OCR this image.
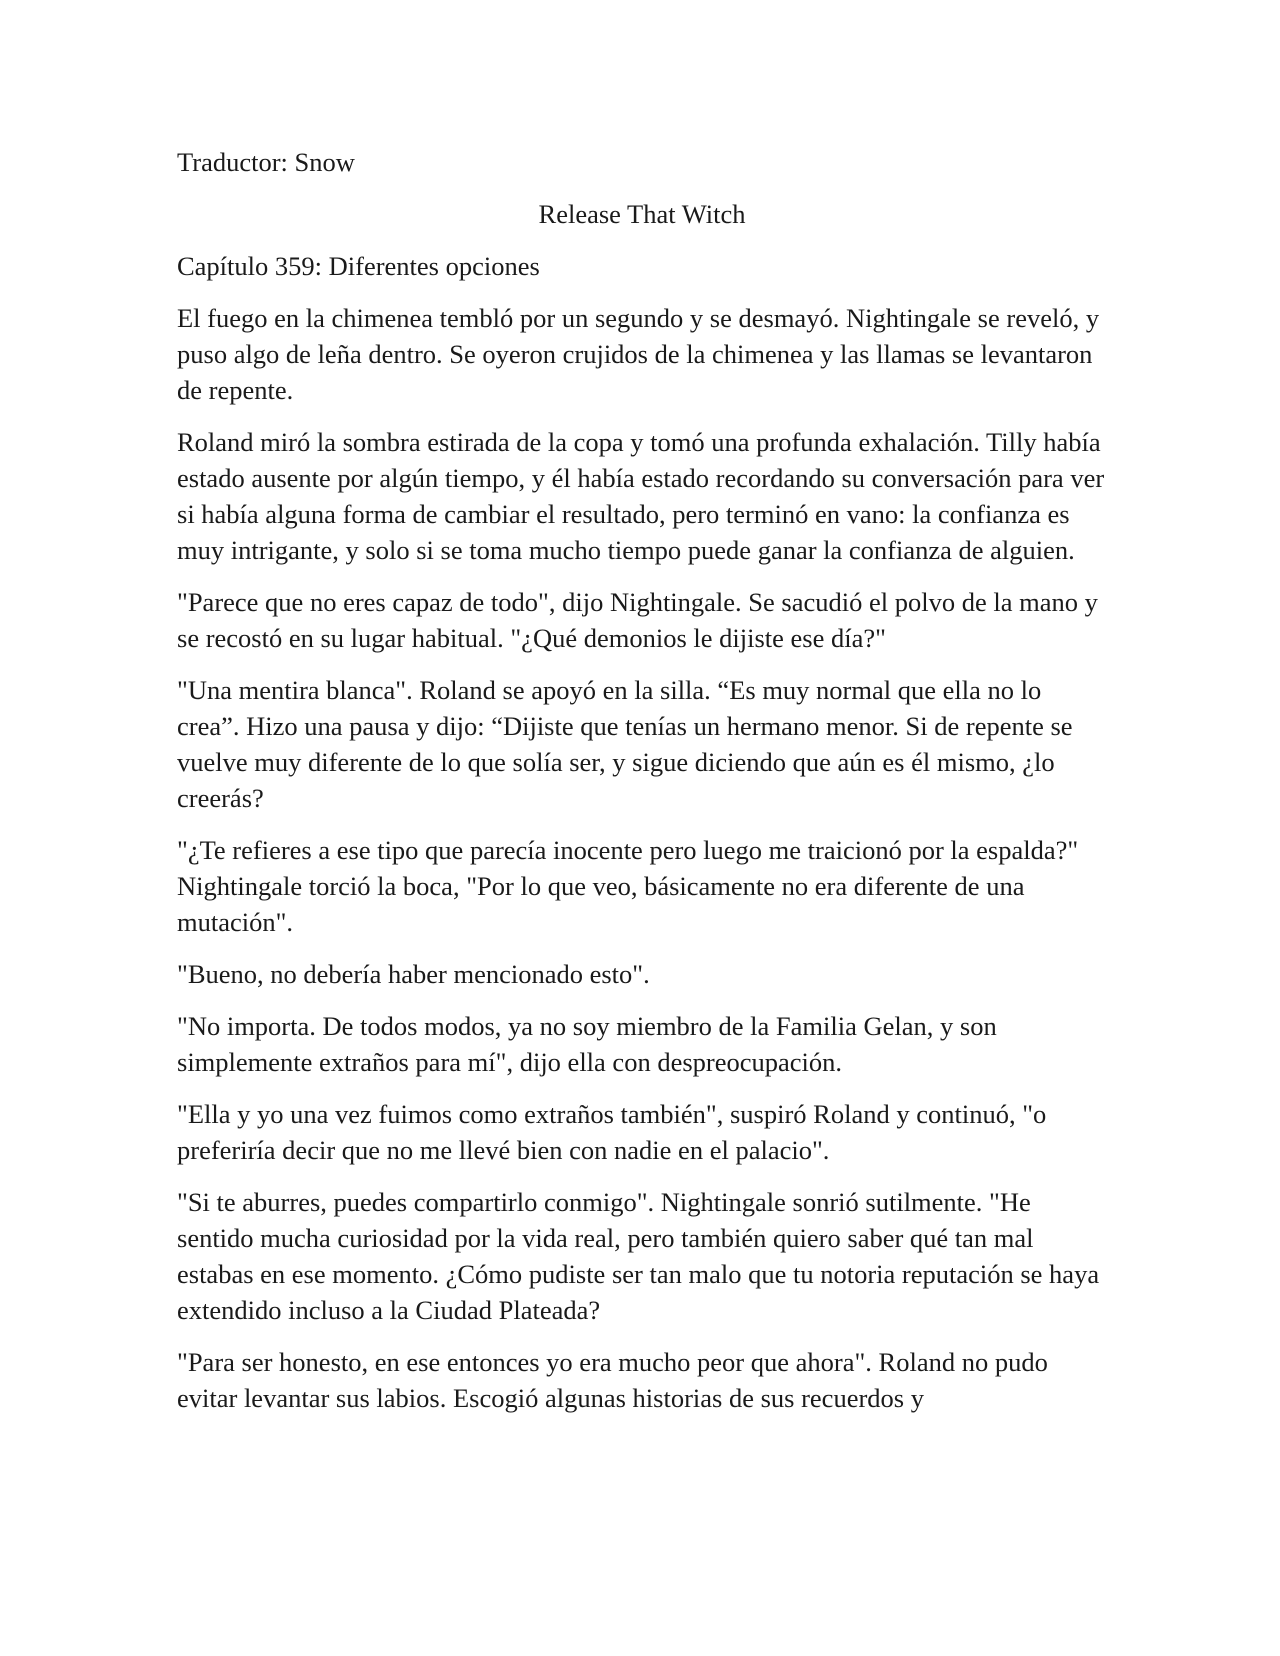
Traductor: Snow

Release That Witch

Capítulo 359: Diferentes opciones

El fuego en la chimenea tembló por un segundo y se desmayó. Nightingale se reveló, y puso algo de leña dentro. Se oyeron crujidos de la chimenea y las llamas se levantaron de repente.

Roland miró la sombra estirada de la copa y tomó una profunda exhalación. Tilly había estado ausente por algún tiempo, y él había estado recordando su conversación para ver si había alguna forma de cambiar el resultado, pero terminó en vano: la confianza es muy intrigante, y solo si se toma mucho tiempo puede ganar la confianza de alguien.

"Parece que no eres capaz de todo", dijo Nightingale. Se sacudió el polvo de la mano y se recostó en su lugar habitual. "¿Qué demonios le dijiste ese día?"

"Una mentira blanca". Roland se apoyó en la silla. “Es muy normal que ella no lo crea”. Hizo una pausa y dijo: “Dijiste que tenías un hermano menor. Si de repente se vuelve muy diferente de lo que solía ser, y sigue diciendo que aún es él mismo, ¿lo creerás?

"¿Te refieres a ese tipo que parecía inocente pero luego me traicionó por la espalda?" Nightingale torció la boca, "Por lo que veo, básicamente no era diferente de una mutación".

"Bueno, no debería haber mencionado esto".

"No importa. De todos modos, ya no soy miembro de la Familia Gelan, y son simplemente extraños para mí", dijo ella con despreocupación.

"Ella y yo una vez fuimos como extraños también", suspiró Roland y continuó, "o preferiría decir que no me llevé bien con nadie en el palacio".

"Si te aburres, puedes compartirlo conmigo". Nightingale sonrió sutilmente. "He sentido mucha curiosidad por la vida real, pero también quiero saber qué tan mal estabas en ese momento. ¿Cómo pudiste ser tan malo que tu notoria reputación se haya extendido incluso a la Ciudad Plateada?

"Para ser honesto, en ese entonces yo era mucho peor que ahora". Roland no pudo evitar levantar sus labios. Escogió algunas historias de sus recuerdos y
